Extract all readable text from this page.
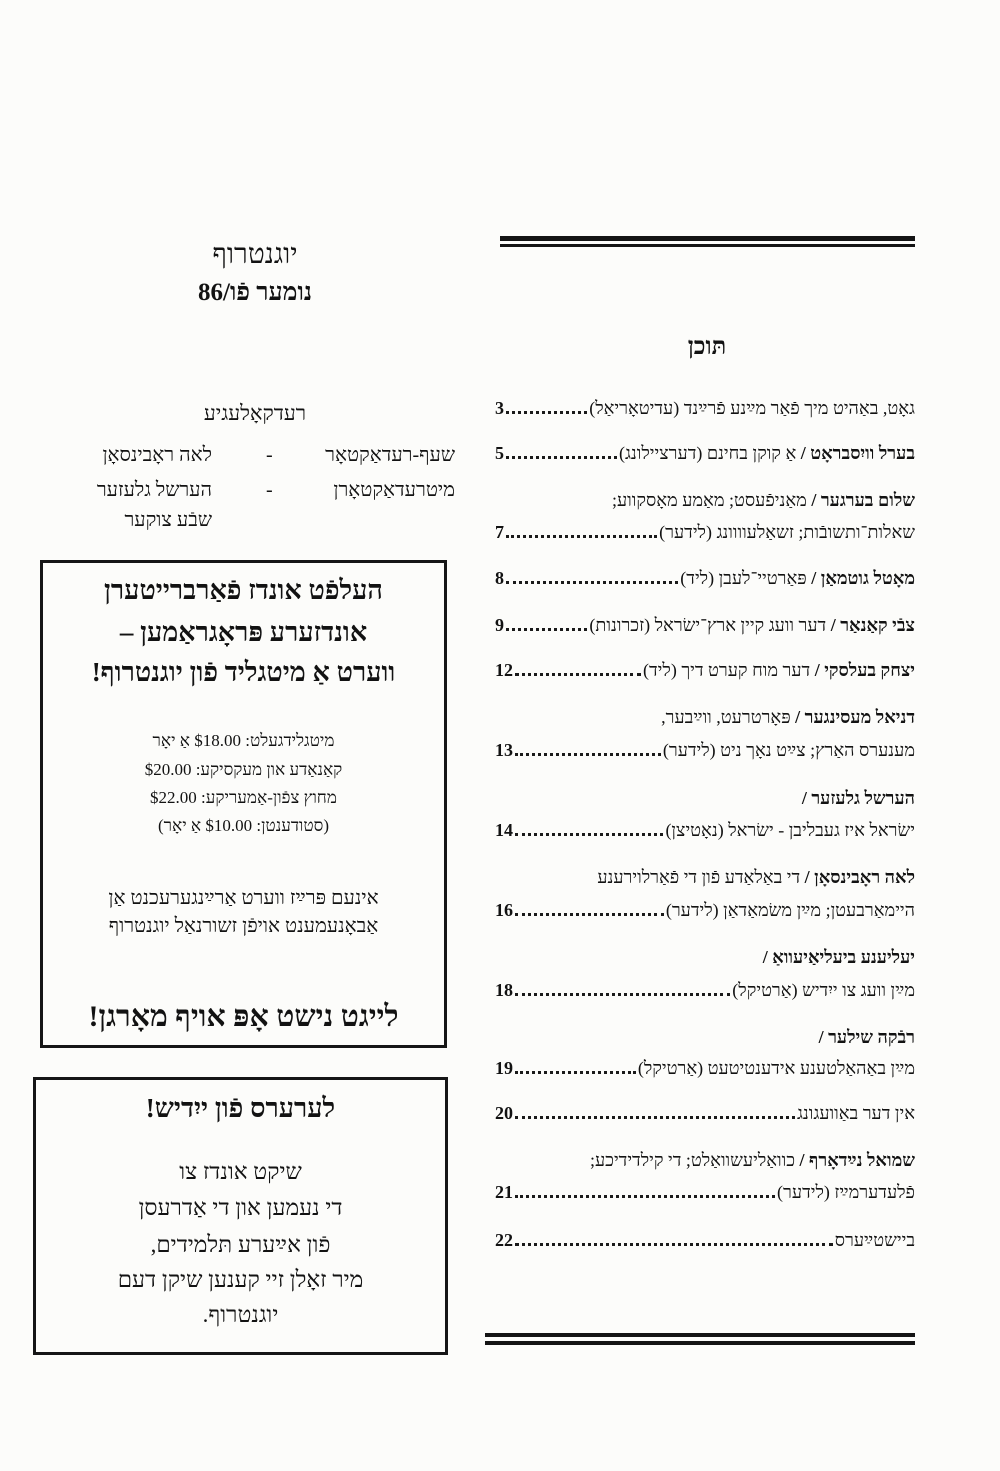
יוגנטרוף
נומער פֿו/86
רעדקאָלעגיע
שעף-רעדאַקטאָר
-
לאה ראָבינסאָן
מיטרעדאַקטאָרן
-
הערשל גלעזער
שבֿע צוקער
העלפֿט אונדז פֿאַרברייטערן
אונדזערע פּראָגראַמען –
ווערט אַ מיטגליד פֿון יוגנטרוף!
מיטגלידגעלט: $18.00 אַ יאָר
קאַנאַדע און מעקסיקע: $20.00
מחוץ צפֿון-אַמעריקע: $22.00
(סטודענטן: $10.00 אַ יאָר)
אינעם פּרײַז ווערט אַרײַנגערעכנט אַן
אַבאָנעמענט אויפֿן זשורנאַל יוגנטרוף
לייגט נישט אָפּ אויף מאָרגן!
לערערס פֿון ייִדיש!
שיקט אונדז צו
די נעמען און די אַדרעסן
פֿון אײַערע תּלמידים,
מיר זאָלן זיי קענען שיקן דעם
יוגנטרוף.
תּוכן
גאָט, באַהיט מיך פֿאַר מײַנע פֿרײַנד (עדיטאָריאַל)
3
בערל וויִסבראָט / אַ קוקן בחינם (דערציילונג)
5
שלום בערגער / מאַניפֿעסט; מאַמע מאָסקווע;
שאלות־ותשובֿות; זשאַלעוווונג (לידער)
7
מאָטל גוטמאַן / פּאַרטיי־לעבן (ליד)
8
צבֿי קאַנאַר / דער וועג קיין ארץ־ישׂראל (זכרונות)
9
יצחק בעלסקי / דער מוח קערט דיך (ליד)
12
דניאל מעסינגער / פּאָרטרעט, ווײַבער,
מענערס האַרץ; צײַט נאָך ניט (לידער)
13
הערשל גלעזער /
ישׂראל איז געבליבן - ישׂראל (נאָטיצן)
14
לאה ראָבינסאָן / די באַלאַדע פֿון די פֿאַרלוירענע
היימאַרבעטן; מײַן משׂמאַדאַן (לידער)
16
יעליענע ביעליאַיעוואַ /
מײַן וועג צו ייִדיש (אַרטיקל)
18
רבֿקה שילער /
מײַן באַהאַלטענע אידענטיטעט (אַרטיקל)
19
אין דער באַוועגונג
20
שמואל נײַדאָרף / כוואַליעשוואַלט; די קילדידיכע;
פֿלעדערמײַז (לידער)
21
ביישטײַערס
22
